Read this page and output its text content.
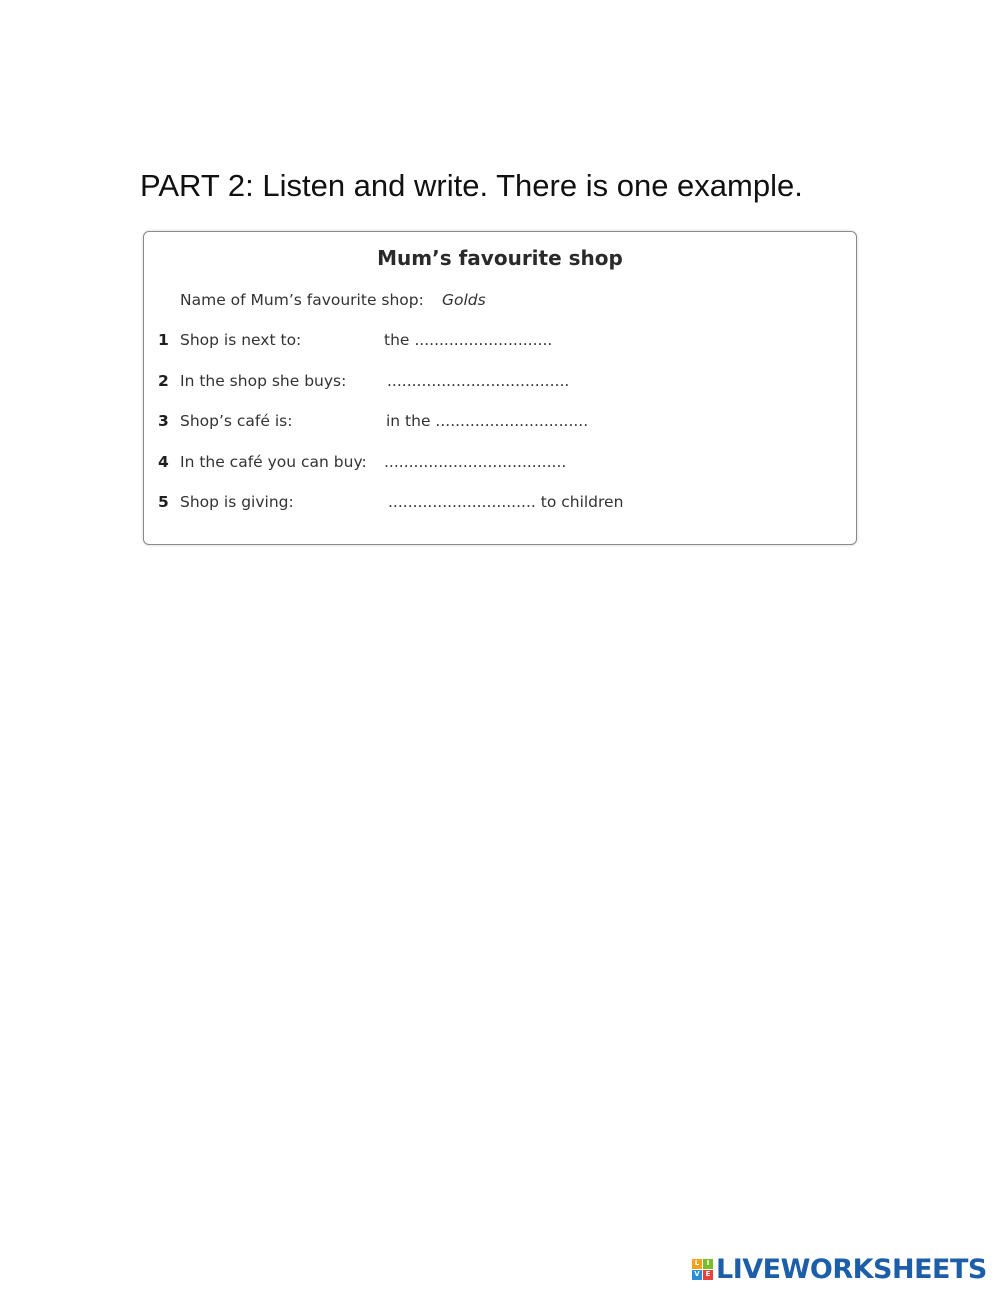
PART 2: Listen and write. There is one example.
Mum’s favourite shop
Name of Mum’s favourite shop: Golds
1 Shop is next to:	the ............................
2 In the shop she buys:	.....................................
3 Shop’s café is:	in the ...............................
4 In the café you can buy: .....................................
5 Shop is giving:	.............................. to children
L	I
V E LIVEWORKSHEETS
